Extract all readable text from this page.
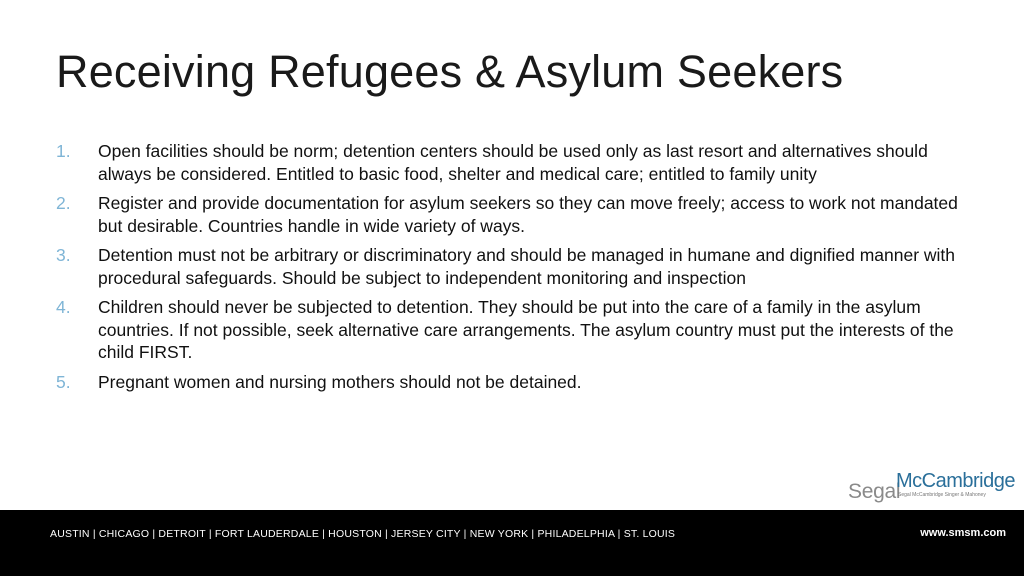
Receiving Refugees & Asylum Seekers
1.	Open facilities should be norm; detention centers should be used only as last resort and alternatives should always be considered. Entitled to basic food, shelter and medical care; entitled to family unity
2.	Register and provide documentation for asylum seekers so they can move freely; access to work not mandated but desirable. Countries handle in wide variety of ways.
3.	Detention must not be arbitrary or discriminatory and should be managed in humane and dignified manner with procedural safeguards. Should be subject to independent monitoring and inspection
4.	Children should never be subjected to detention. They should be put into the care of a family in the asylum countries. If not possible, seek alternative care arrangements. The asylum country must put the interests of the child FIRST.
5.	Pregnant women and nursing mothers should not be detained.
Segal
McCambridge
Segal McCambridge Singer & Mahoney
AUSTIN | CHICAGO | DETROIT | FORT LAUDERDALE | HOUSTON | JERSEY CITY | NEW YORK | PHILADELPHIA | ST. LOUIS	www.smsm.com
